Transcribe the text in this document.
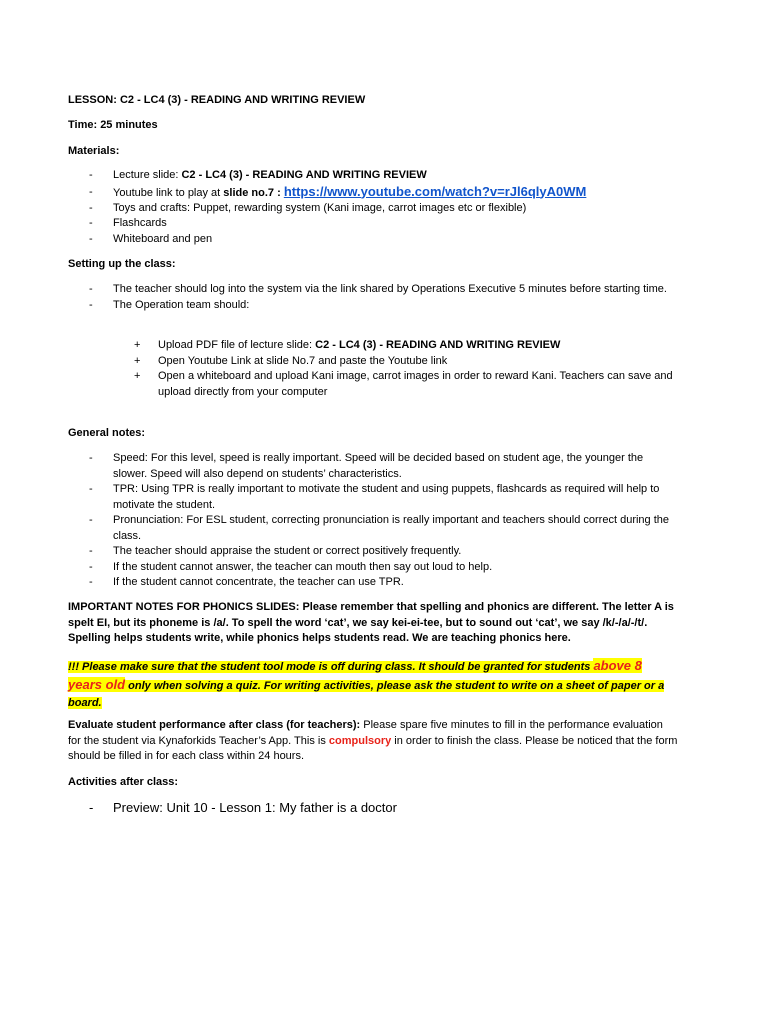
LESSON: C2 - LC4 (3) - READING AND WRITING REVIEW
Time: 25 minutes
Materials:
- Lecture slide: C2 - LC4 (3) - READING AND WRITING REVIEW
- Youtube link to play at slide no.7 : https://www.youtube.com/watch?v=rJl6qlyA0WM
- Toys and crafts: Puppet, rewarding system (Kani image, carrot images etc or flexible)
- Flashcards
- Whiteboard and pen
Setting up the class:
- The teacher should log into the system via the link shared by Operations Executive 5 minutes before starting time.
- The Operation team should:
+ Upload PDF file of lecture slide: C2 - LC4 (3) - READING AND WRITING REVIEW
+ Open Youtube Link at slide No.7 and paste the Youtube link
+ Open a whiteboard and upload Kani image, carrot images in order to reward Kani. Teachers can save and upload directly from your computer
General notes:
- Speed: For this level, speed is really important. Speed will be decided based on student age, the younger the slower. Speed will also depend on students’ characteristics.
- TPR: Using TPR is really important to motivate the student and using puppets, flashcards as required will help to motivate the student.
- Pronunciation: For ESL student, correcting pronunciation is really important and teachers should correct during the class.
- The teacher should appraise the student or correct positively frequently.
- If the student cannot answer, the teacher can mouth then say out loud to help.
- If the student cannot concentrate, the teacher can use TPR.
IMPORTANT NOTES FOR PHONICS SLIDES: Please remember that spelling and phonics are different. The letter A is spelt EI, but its phoneme is /a/. To spell the word ‘cat’, we say kei-ei-tee, but to sound out ‘cat’, we say /k/-/a/-/t/. Spelling helps students write, while phonics helps students read. We are teaching phonics here.
!!! Please make sure that the student tool mode is off during class. It should be granted for students above 8 years old only when solving a quiz. For writing activities, please ask the student to write on a sheet of paper or a board.
Evaluate student performance after class (for teachers): Please spare five minutes to fill in the performance evaluation for the student via Kynaforkids Teacher’s App. This is compulsory in order to finish the class. Please be noticed that the form should be filled in for each class within 24 hours.
Activities after class:
- Preview: Unit 10 - Lesson 1: My father is a doctor
